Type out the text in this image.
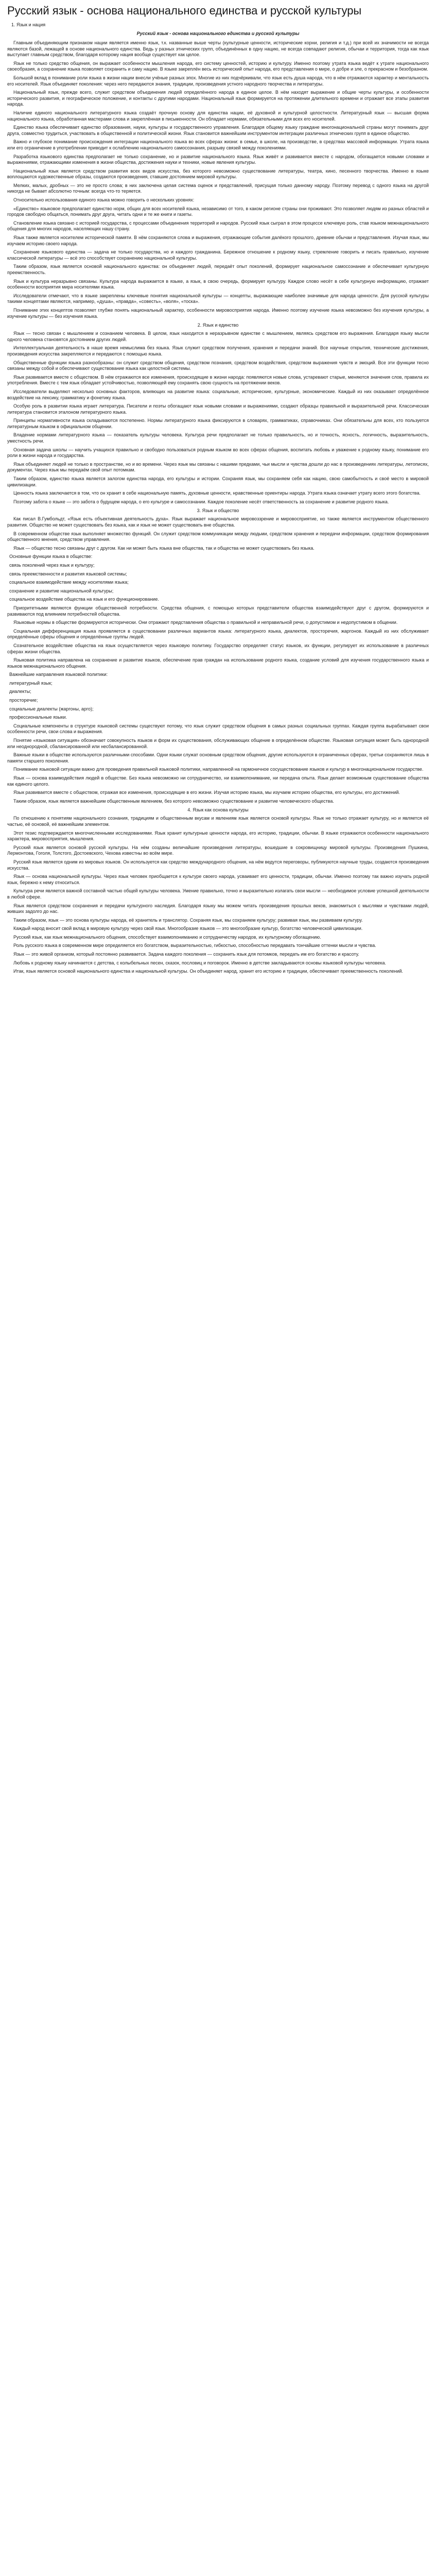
Русский язык - основа национального единства и русской культуры
1. Язык и нация
Русский язык - основа национального единства и русской культуры

Главным объединяющим признаком нации является именно язык, т.к. названные выше черты (культурные ценности, исторические корни, религия и т.д.) при всей их значимости не всегда являются базой, лежащей в основе национального единства. Ведь у разных этнических групп, объединённых в одну нацию, не всегда совпадают религия, обычаи и территория, тогда как язык выступает главным средством, благодаря которому нация вообще существует как целое.

Язык не только средство общения, он выражает особенности мышления народа, его систему ценностей, историю и культуру. Именно поэтому утрата языка ведёт к утрате национального своеобразия, а сохранение языка позволяет сохранить и саму нацию. В языке закреплён весь исторический опыт народа, его представления о мире, о добре и зле, о прекрасном и безобразном.

Большой вклад в понимание роли языка в жизни нации внесли учёные разных эпох. Многие из них подчёркивали, что язык есть душа народа, что в нём отражаются характер и ментальность его носителей. Язык объединяет поколения: через него передаются знания, традиции, произведения устного народного творчества и литературы.

Национальный язык, прежде всего, служит средством объединения людей определённого народа в единое целое. В нём находят выражение и общие черты культуры, и особенности исторического развития, и географическое положение, и контакты с другими народами. Национальный язык формируется на протяжении длительного времени и отражает все этапы развития народа.

Наличие единого национального литературного языка создаёт прочную основу для единства нации, её духовной и культурной целостности. Литературный язык — высшая форма национального языка, обработанная мастерами слова и закреплённая в письменности. Он обладает нормами, обязательными для всех его носителей.

Единство языка обеспечивает единство образования, науки, культуры и государственного управления. Благодаря общему языку граждане многонациональной страны могут понимать друг друга, совместно трудиться, участвовать в общественной и политической жизни. Язык становится важнейшим инструментом интеграции различных этнических групп в единое общество.

Важно и глубокое понимание происхождения интеграции национального языка во всех сферах жизни: в семье, в школе, на производстве, в средствах массовой информации. Утрата языка или его ограничение в употреблении приводит к ослаблению национального самосознания, разрыву связей между поколениями.

Разработка языкового единства предполагает не только сохранение, но и развитие национального языка. Язык живёт и развивается вместе с народом, обогащается новыми словами и выражениями, отражающими изменения в жизни общества, достижения науки и техники, новые явления культуры.

Национальный язык является средством развития всех видов искусства, без которого невозможно существование литературы, театра, кино, песенного творчества. Именно в языке воплощаются художественные образы, создаются произведения, ставшие достоянием мировой культуры.

Мелких, малых, дробных — это не просто слова; в них заключена целая система оценок и представлений, присущая только данному народу. Поэтому перевод с одного языка на другой никогда не бывает абсолютно точным: всегда что-то теряется.

Относительно использования единого языка можно говорить о нескольких уровнях:

«Единство» языковое предполагает единство норм, общих для всех носителей языка, независимо от того, в каком регионе страны они проживают. Это позволяет людям из разных областей и городов свободно общаться, понимать друг друга, читать одни и те же книги и газеты.

Становление языка связано с историей государства, с процессами объединения территорий и народов. Русский язык сыграл в этом процессе ключевую роль, став языком межнационального общения для многих народов, населяющих нашу страну.

Язык также является носителем исторической памяти. В нём сохраняются слова и выражения, отражающие события далёкого прошлого, древние обычаи и представления. Изучая язык, мы изучаем историю своего народа.

Сохранение языкового единства — задача не только государства, но и каждого гражданина. Бережное отношение к родному языку, стремление говорить и писать правильно, изучение классической литературы — всё это способствует сохранению национальной культуры.

Таким образом, язык является основой национального единства: он объединяет людей, передаёт опыт поколений, формирует национальное самосознание и обеспечивает культурную преемственность.

Язык и культура неразрывно связаны. Культура народа выражается в языке, а язык, в свою очередь, формирует культуру. Каждое слово несёт в себе культурную информацию, отражает особенности восприятия мира носителями языка.

Исследователи отмечают, что в языке закреплены ключевые понятия национальной культуры — концепты, выражающие наиболее значимые для народа ценности. Для русской культуры такими концептами являются, например, «душа», «правда», «совесть», «воля», «тоска».

Понимание этих концептов позволяет глубже понять национальный характер, особенности мировосприятия народа. Именно поэтому изучение языка невозможно без изучения культуры, а изучение культуры — без изучения языка.

2. Язык и единство

Язык — тесно связан с мышлением и сознанием человека. В целом, язык находится в неразрывном единстве с мышлением, являясь средством его выражения. Благодаря языку мысли одного человека становятся достоянием других людей.

Интеллектуальная деятельность в наше время немыслима без языка. Язык служит средством получения, хранения и передачи знаний. Все научные открытия, технические достижения, произведения искусства закрепляются и передаются с помощью языка.

Общественные функции языка разнообразны: он служит средством общения, средством познания, средством воздействия, средством выражения чувств и эмоций. Все эти функции тесно связаны между собой и обеспечивают существование языка как целостной системы.

Язык развивается вместе с обществом. В нём отражаются все изменения, происходящие в жизни народа: появляются новые слова, устаревают старые, меняются значения слов, правила их употребления. Вместе с тем язык обладает устойчивостью, позволяющей ему сохранять свою сущность на протяжении веков.

Исследователи выделяют несколько основных факторов, влияющих на развитие языка: социальные, исторические, культурные, экономические. Каждый из них оказывает определённое воздействие на лексику, грамматику и фонетику языка.

Особую роль в развитии языка играет литература. Писатели и поэты обогащают язык новыми словами и выражениями, создают образцы правильной и выразительной речи. Классическая литература становится эталоном литературного языка.

Принципы нормативности языка складываются постепенно. Нормы литературного языка фиксируются в словарях, грамматиках, справочниках. Они обязательны для всех, кто пользуется литературным языком в официальном общении.

Владение нормами литературного языка — показатель культуры человека. Культура речи предполагает не только правильность, но и точность, ясность, логичность, выразительность, уместность речи.

Основная задача школы — научить учащихся правильно и свободно пользоваться родным языком во всех сферах общения, воспитать любовь и уважение к родному языку, понимание его роли в жизни народа и государства.

Язык объединяет людей не только в пространстве, но и во времени. Через язык мы связаны с нашими предками, чьи мысли и чувства дошли до нас в произведениях литературы, летописях, документах. Через язык мы передаём свой опыт потомкам.

Таким образом, единство языка является залогом единства народа, его культуры и истории. Сохраняя язык, мы сохраняем себя как нацию, свою самобытность и своё место в мировой цивилизации.

Ценность языка заключается в том, что он хранит в себе национальную память, духовные ценности, нравственные ориентиры народа. Утрата языка означает утрату всего этого богатства.

Поэтому забота о языке — это забота о будущем народа, о его культуре и самосознании. Каждое поколение несёт ответственность за сохранение и развитие родного языка.

3. Язык и общество

Как писал В.Гумбольдт, «Язык есть объективная деятельность духа». Язык выражает национальное мировоззрение и мировосприятие, но также является инструментом общественного развития. Общество не может существовать без языка, как и язык не может существовать вне общества.

В современном обществе язык выполняет множество функций. Он служит средством коммуникации между людьми, средством хранения и передачи информации, средством формирования общественного мнения, средством управления.

Язык — общество тесно связаны друг с другом. Как ни может быть языка вне общества, так и общества не может существовать без языка.

Основные функции языка в обществе:

связь поколений через язык и культуру;

связь преемственности и развития языковой системы;

социальное взаимодействие между носителями языка;

сохранение и развитие национальной культуры;

социальное воздействие общества на язык и его функционирование.

Приоритетными являются функции общественной потребности. Средства общения, с помощью которых представители общества взаимодействуют друг с другом, формируются и развиваются под влиянием потребностей общества.

Языковые нормы в обществе формируются исторически. Они отражают представления общества о правильной и неправильной речи, о допустимом и недопустимом в общении.

Социальная дифференциация языка проявляется в существовании различных вариантов языка: литературного языка, диалектов, просторечия, жаргонов. Каждый из них обслуживает определённые сферы общения и определённые группы людей.

Сознательное воздействие общества на язык осуществляется через языковую политику. Государство определяет статус языков, их функции, регулирует их использование в различных сферах жизни общества.

Языковая политика направлена на сохранение и развитие языков, обеспечение прав граждан на использование родного языка, создание условий для изучения государственного языка и языков межнационального общения.

Важнейшие направления языковой политики:

литературный язык;

диалекты;

просторечие;

социальные диалекты (жаргоны, арго);

профессиональные языки.

Социальные компоненты в структуре языковой системы существуют потому, что язык служит средством общения в самых разных социальных группах. Каждая группа вырабатывает свои особенности речи, свои слова и выражения.

Понятие «языковая ситуация» обозначает совокупность языков и форм их существования, обслуживающих общение в определённом обществе. Языковая ситуация может быть однородной или неоднородной, сбалансированной или несбалансированной.

Важные языки в обществе используются различными способами. Одни языки служат основным средством общения, другие используются в ограниченных сферах, третьи сохраняются лишь в памяти старшего поколения.

Понимание языковой ситуации важно для проведения правильной языковой политики, направленной на гармоничное сосуществование языков и культур в многонациональном государстве.

Язык — основа взаимодействия людей в обществе. Без языка невозможно ни сотрудничество, ни взаимопонимание, ни передача опыта. Язык делает возможным существование общества как единого целого.

Язык развивается вместе с обществом, отражая все изменения, происходящие в его жизни. Изучая историю языка, мы изучаем историю общества, его культуры, его достижений.

Таким образом, язык является важнейшим общественным явлением, без которого невозможно существование и развитие человеческого общества.

4. Язык как основа культуры

По отношению к понятиям национального сознания, традициям и общественным вкусам и явлениям язык является основой культуры. Язык не только отражает культуру, но и является её частью, её основой, её важнейшим элементом.

Этот тезис подтверждается многочисленными исследованиями. Язык хранит культурные ценности народа, его историю, традиции, обычаи. В языке отражаются особенности национального характера, мировосприятия, мышления.

Русский язык является основой русской культуры. На нём созданы величайшие произведения литературы, вошедшие в сокровищницу мировой культуры. Произведения Пушкина, Лермонтова, Гоголя, Толстого, Достоевского, Чехова известны во всём мире.

Русский язык является одним из мировых языков. Он используется как средство международного общения, на нём ведутся переговоры, публикуются научные труды, создаются произведения искусства.

Язык — основа национальной культуры. Через язык человек приобщается к культуре своего народа, усваивает его ценности, традиции, обычаи. Именно поэтому так важно изучать родной язык, бережно к нему относиться.

Культура речи является важной составной частью общей культуры человека. Умение правильно, точно и выразительно излагать свои мысли — необходимое условие успешной деятельности в любой сфере.

Язык является средством сохранения и передачи культурного наследия. Благодаря языку мы можем читать произведения прошлых веков, знакомиться с мыслями и чувствами людей, живших задолго до нас.

Таким образом, язык — это основа культуры народа, её хранитель и транслятор. Сохраняя язык, мы сохраняем культуру; развивая язык, мы развиваем культуру.

Каждый народ вносит свой вклад в мировую культуру через свой язык. Многообразие языков — это многообразие культур, богатство человеческой цивилизации.

Русский язык, как язык межнационального общения, способствует взаимопониманию и сотрудничеству народов, их культурному обогащению.

Роль русского языка в современном мире определяется его богатством, выразительностью, гибкостью, способностью передавать тончайшие оттенки мысли и чувства.

Язык — это живой организм, который постоянно развивается. Задача каждого поколения — сохранить язык для потомков, передать им его богатство и красоту.

Любовь к родному языку начинается с детства, с колыбельных песен, сказок, пословиц и поговорок. Именно в детстве закладываются основы языковой культуры человека.

Итак, язык является основой национального единства и национальной культуры. Он объединяет народ, хранит его историю и традиции, обеспечивает преемственность поколений.
